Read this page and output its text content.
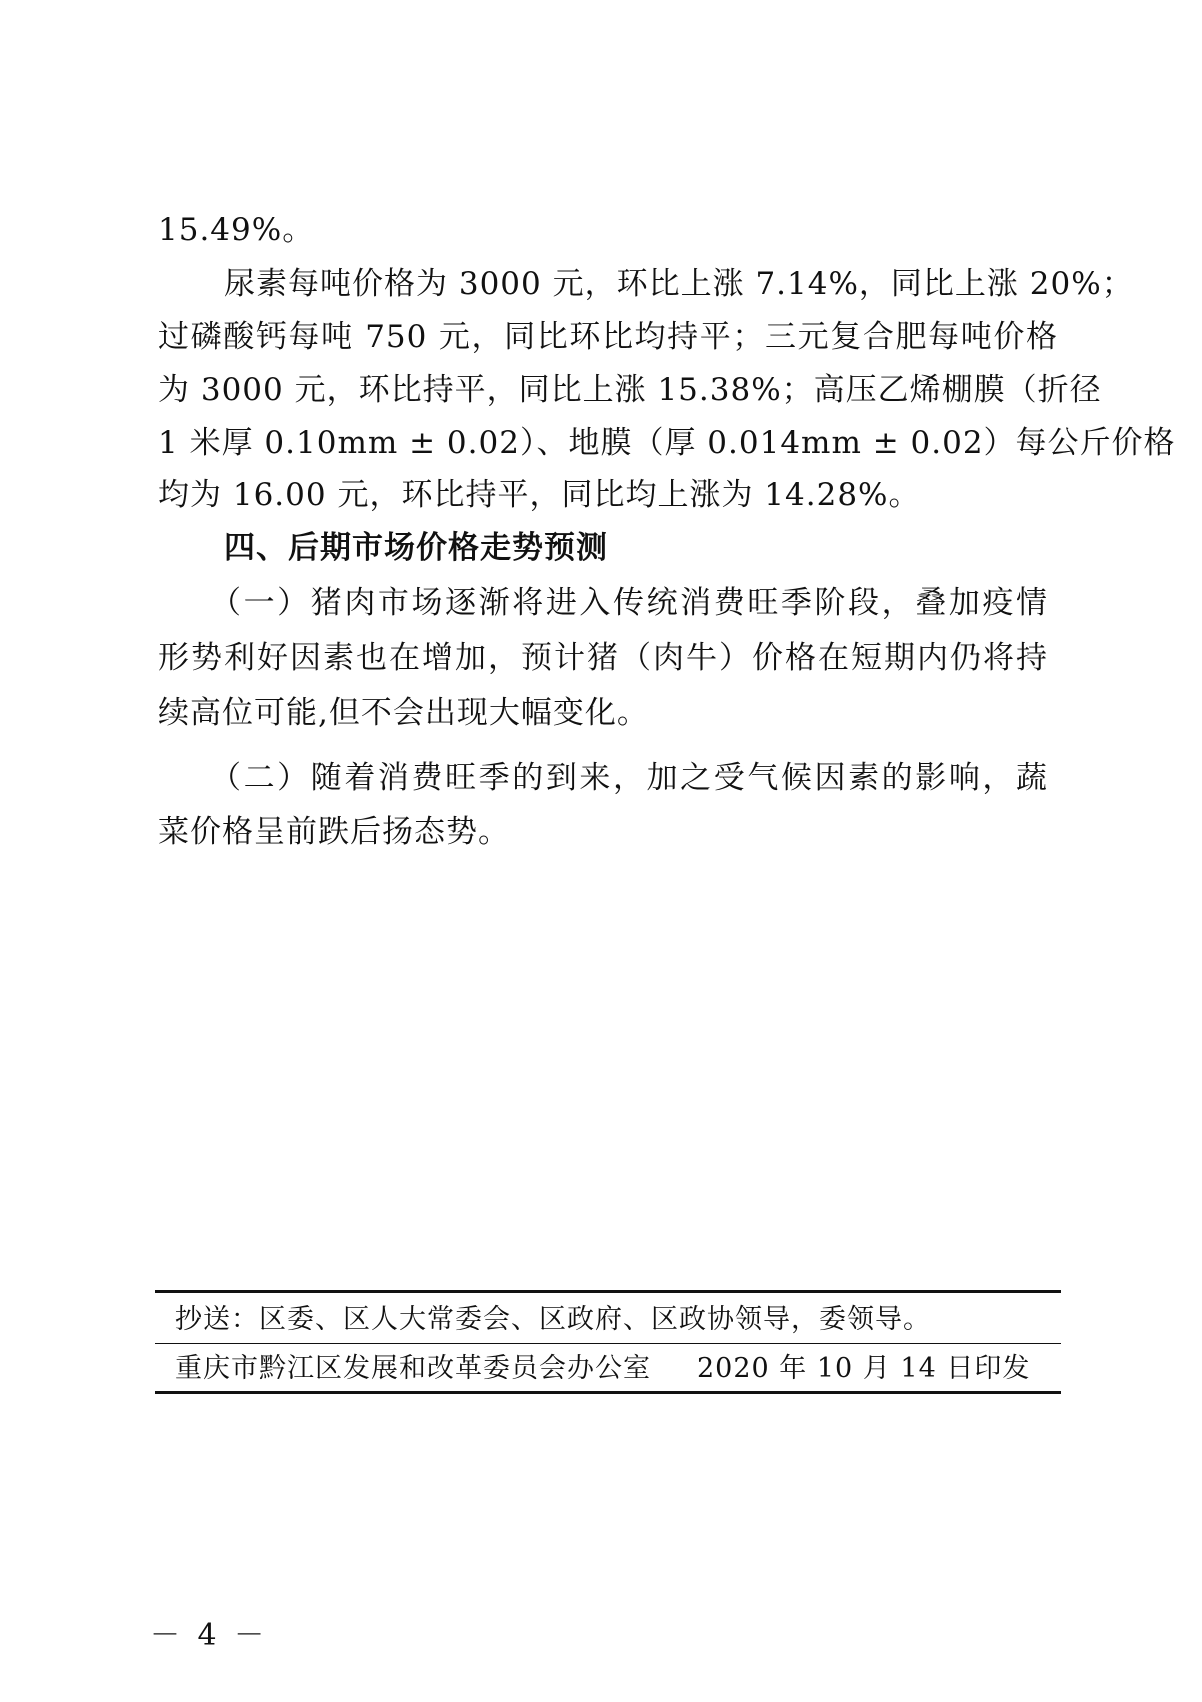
15.49%。
尿素每吨价格为 3000 元，环比上涨 7.14%，同比上涨 20%；
过磷酸钙每吨 750 元，同比环比均持平；三元复合肥每吨价格
为 3000 元，环比持平，同比上涨 15.38%；高压乙烯棚膜（折径
1 米厚 0.10mm ± 0.02）、地膜（厚 0.014mm ± 0.02）每公斤价格
均为 16.00 元，环比持平，同比均上涨为 14.28%。
四、后期市场价格走势预测
（一）猪肉市场逐渐将进入传统消费旺季阶段，叠加疫情
形势利好因素也在增加，预计猪（肉牛）价格在短期内仍将持
续高位可能,但不会出现大幅变化。
（二）随着消费旺季的到来，加之受气候因素的影响，蔬
菜价格呈前跌后扬态势。
抄送：区委、区人大常委会、区政府、区政协领导，委领导。
重庆市黔江区发展和改革委员会办公室 2020 年 10 月 14 日印发
－ 4 －
